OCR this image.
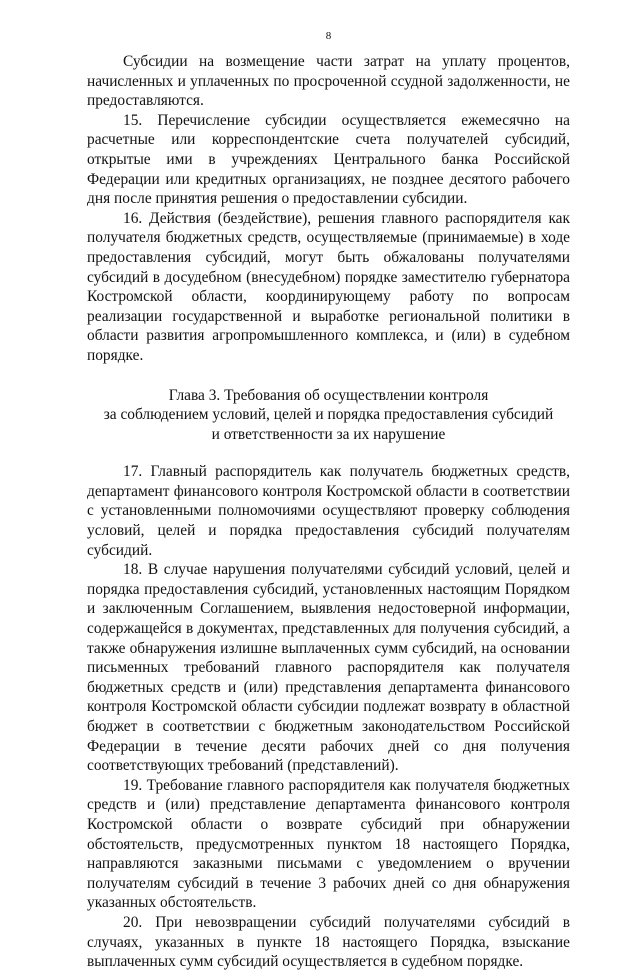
8

Субсидии на возмещение части затрат на уплату процентов, начисленных и уплаченных по просроченной ссудной задолженности, не предоставляются.

15. Перечисление субсидии осуществляется ежемесячно на расчетные или корреспондентские счета получателей субсидий, открытые ими в учреждениях Центрального банка Российской Федерации или кредитных организациях, не позднее десятого рабочего дня после принятия решения о предоставлении субсидии.

16. Действия (бездействие), решения главного распорядителя как получателя бюджетных средств, осуществляемые (принимаемые) в ходе предоставления субсидий, могут быть обжалованы получателями субсидий в досудебном (внесудебном) порядке заместителю губернатора Костромской области, координирующему работу по вопросам реализации государственной и выработке региональной политики в области развития агропромышленного комплекса, и (или) в судебном порядке.

Глава 3. Требования об осуществлении контроля
за соблюдением условий, целей и порядка предоставления субсидий
и ответственности за их нарушение

17. Главный распорядитель как получатель бюджетных средств, департамент финансового контроля Костромской области в соответствии с установленными полномочиями осуществляют проверку соблюдения условий, целей и порядка предоставления субсидий получателям субсидий.

18. В случае нарушения получателями субсидий условий, целей и порядка предоставления субсидий, установленных настоящим Порядком и заключенным Соглашением, выявления недостоверной информации, содержащейся в документах, представленных для получения субсидий, а также обнаружения излишне выплаченных сумм субсидий, на основании письменных требований главного распорядителя как получателя бюджетных средств и (или) представления департамента финансового контроля Костромской области субсидии подлежат возврату в областной бюджет в соответствии с бюджетным законодательством Российской Федерации в течение десяти рабочих дней со дня получения соответствующих требований (представлений).

19. Требование главного распорядителя как получателя бюджетных средств и (или) представление департамента финансового контроля Костромской области о возврате субсидий при обнаружении обстоятельств, предусмотренных пунктом 18 настоящего Порядка, направляются заказными письмами с уведомлением о вручении получателям субсидий в течение 3 рабочих дней со дня обнаружения указанных обстоятельств.

20. При невозвращении субсидий получателями субсидий в случаях, указанных в пункте 18 настоящего Порядка, взыскание выплаченных сумм субсидий осуществляется в судебном порядке.
